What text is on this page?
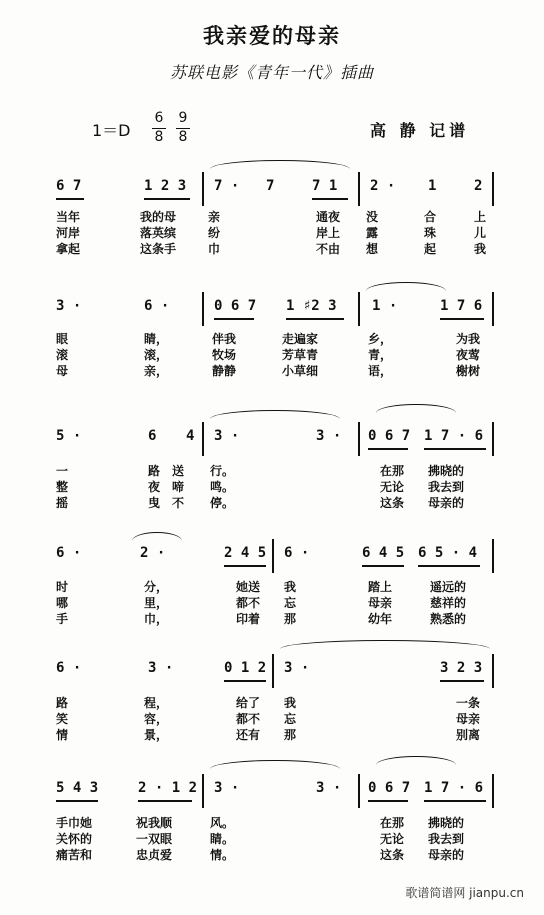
我亲爱的母亲
苏联电影《青年一代》插曲
1＝D
6
8
9
8	高 静 记谱
6 7	1 2 3 7 · 7	7 1 2 · 1	2
当年	我的母	亲	通夜 没	合	上
河岸	落英缤	纷	岸上 露	珠	儿
拿起	这条手	巾	不由 想	起	我
3 ·	6 ·	0 6 7 1 ♯2 3	1 ·	1 7 6
眼	睛，	伴我	走遍家	乡，	为我
滚	滚，	牧场	芳草青	青，	夜莺
母	亲，	静静	小草细	语，	榭树
5 ·	6 4 3 ·	3 · 0 6 7 1 7 · 6
一	路 送 行。	在那 拂晓的
整	夜 啼 鸣。	无论 我去到
摇	曳 不 停。	这条 母亲的
6 ·	2 ·	2 4 5 6 ·	6 4 5 6 5 · 4
时	分，	她送 我	踏上	遥远的
哪	里，	都不 忘	母亲	慈祥的
手	巾，	印着 那	幼年	熟悉的
6 ·	3 ·	0 1 2 3 ·	3 2 3
路	程，	给了 我	一条
笑	容，	都不 忘	母亲
情	景，	还有 那	别离
5 4 3	2 · 1 2 3 ·	3 · 0 6 7 1 7 · 6
手巾她	祝我顺	风。	在那 拂晓的
关怀的	一双眼	睛。	无论 我去到
痛苦和	忠贞爱	情。	这条 母亲的
歌谱简谱网 jianpu.cn
